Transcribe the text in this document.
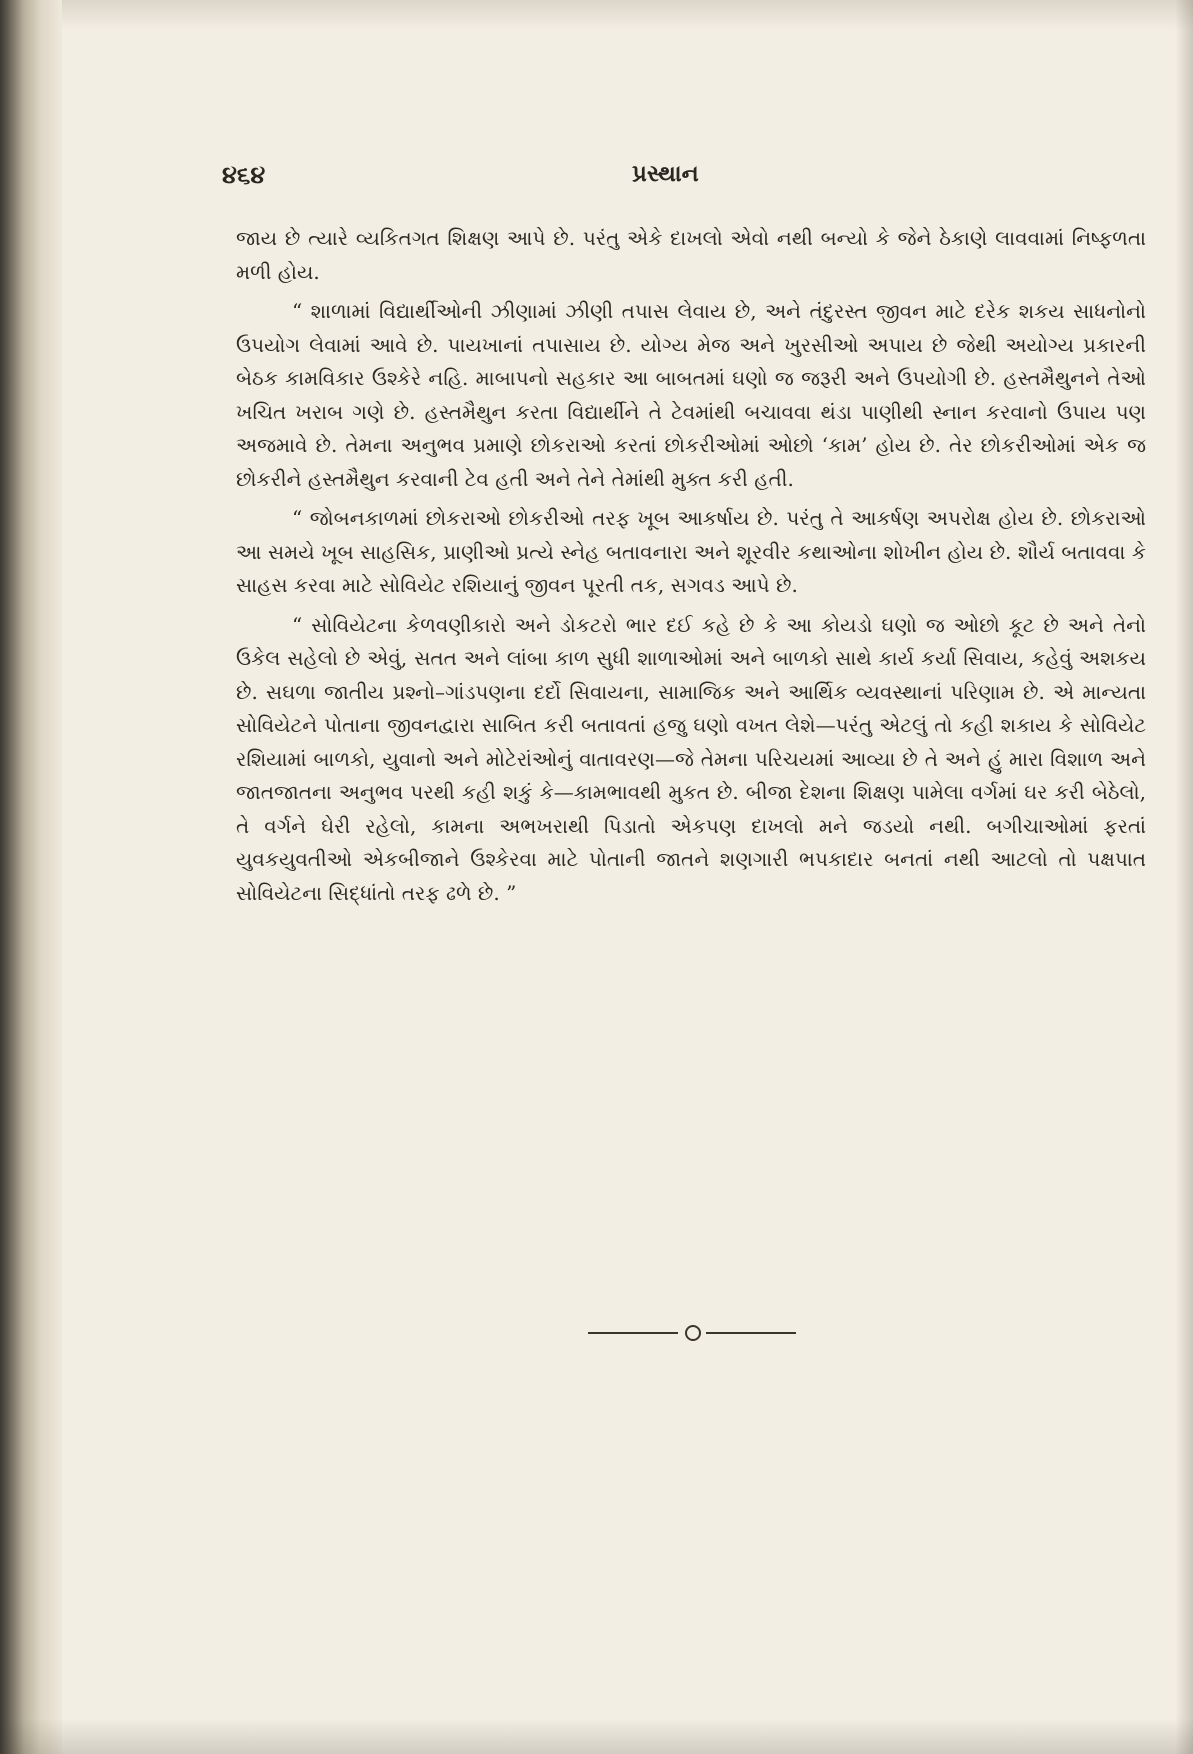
૪૬૪	પ્રસ્થાન

જાય છે ત્યારે વ્યકિતગત શિક્ષણ આપે છે. પરંતુ એકે દાખલો એવો નથી બન્યો કે જેને ઠેકાણે લાવવામાં નિષ્ફળતા મળી હોય.

“ શાળામાં વિદ્યાર્થીઓની ઝીણામાં ઝીણી તપાસ લેવાય છે, અને તંદુરસ્ત જીવન માટે દરેક શકય સાધનોનો ઉપયોગ લેવામાં આવે છે. પાયખાનાં તપાસાય છે. યોગ્ય મેજ અને ખુરસીઓ અપાય છે જેથી અયોગ્ય પ્રકારની બેઠક કામવિકાર ઉશ્કેરે નહિ. માબાપનો સહકાર આ બાબતમાં ઘણો જ જરૂરી અને ઉપયોગી છે. હસ્તમૈથુનને તેઓ ખચિત ખરાબ ગણે છે. હસ્તમૈથુન કરતા વિદ્યાર્થીને તે ટેવમાંથી બચાવવા થંડા પાણીથી સ્નાન કરવાનો ઉપાય પણ અજમાવે છે. તેમના અનુભવ પ્રમાણે છોકરાઓ કરતાં છોકરીઓમાં ઓછો ‘કામ’ હોય છે. તેર છોકરીઓમાં એક જ છોકરીને હસ્તમૈથુન કરવાની ટેવ હતી અને તેને તેમાંથી મુક્ત કરી હતી.

“ જોબનકાળમાં છોકરાઓ છોકરીઓ તરફ ખૂબ આકર્ષાય છે. પરંતુ તે આકર્ષણ અપરોક્ષ હોય છે. છોકરાઓ આ સમયે ખૂબ સાહસિક, પ્રાણીઓ પ્રત્યે સ્નેહ બતાવનારા અને શૂરવીર કથાઓના શોખીન હોય છે. શૌર્ય બતાવવા કે સાહસ કરવા માટે સોવિયેટ રશિયાનું જીવન પૂરતી તક, સગવડ આપે છે.

“ સોવિયેટના કેળવણીકારો અને ડોકટરો ભાર દઈ કહે છે કે આ કોયડો ઘણો જ ઓછો કૂટ છે અને તેનો ઉકેલ સહેલો છે એવું, સતત અને લાંબા કાળ સુધી શાળાઓમાં અને બાળકો સાથે કાર્ય કર્યા સિવાય, કહેવું અશકય છે. સઘળા જાતીય પ્રશ્નો–ગાંડપણના દર્દો સિવાયના, સામાજિક અને આર્થિક વ્યવસ્થાનાં પરિણામ છે. એ માન્યતા સોવિયેટને પોતાના જીવનદ્વારા સાબિત કરી બતાવતાં હજુ ઘણો વખત લેશે—પરંતુ એટલું તો કહી શકાય કે સોવિયેટ રશિયામાં બાળકો, યુવાનો અને મોટેરાંઓનું વાતાવરણ—જે તેમના પરિચયમાં આવ્યા છે તે અને હું મારા વિશાળ અને જાતજાતના અનુભવ પરથી કહી શકું કે—કામભાવથી મુકત છે. બીજા દેશના શિક્ષણ પામેલા વર્ગમાં ઘર કરી બેઠેલો, તે વર્ગને ઘેરી રહેલો, કામના અભખરાથી પિડાતો એકપણ દાખલો મને જડયો નથી. બગીચાઓમાં ફરતાં યુવકયુવતીઓ એકબીજાને ઉશ્કેરવા માટે પોતાની જાતને શણગારી ભપકાદાર બનતાં નથી આટલો તો પક્ષપાત સોવિયેટના સિદ્ધાંતો તરફ ઢળે છે. ”
